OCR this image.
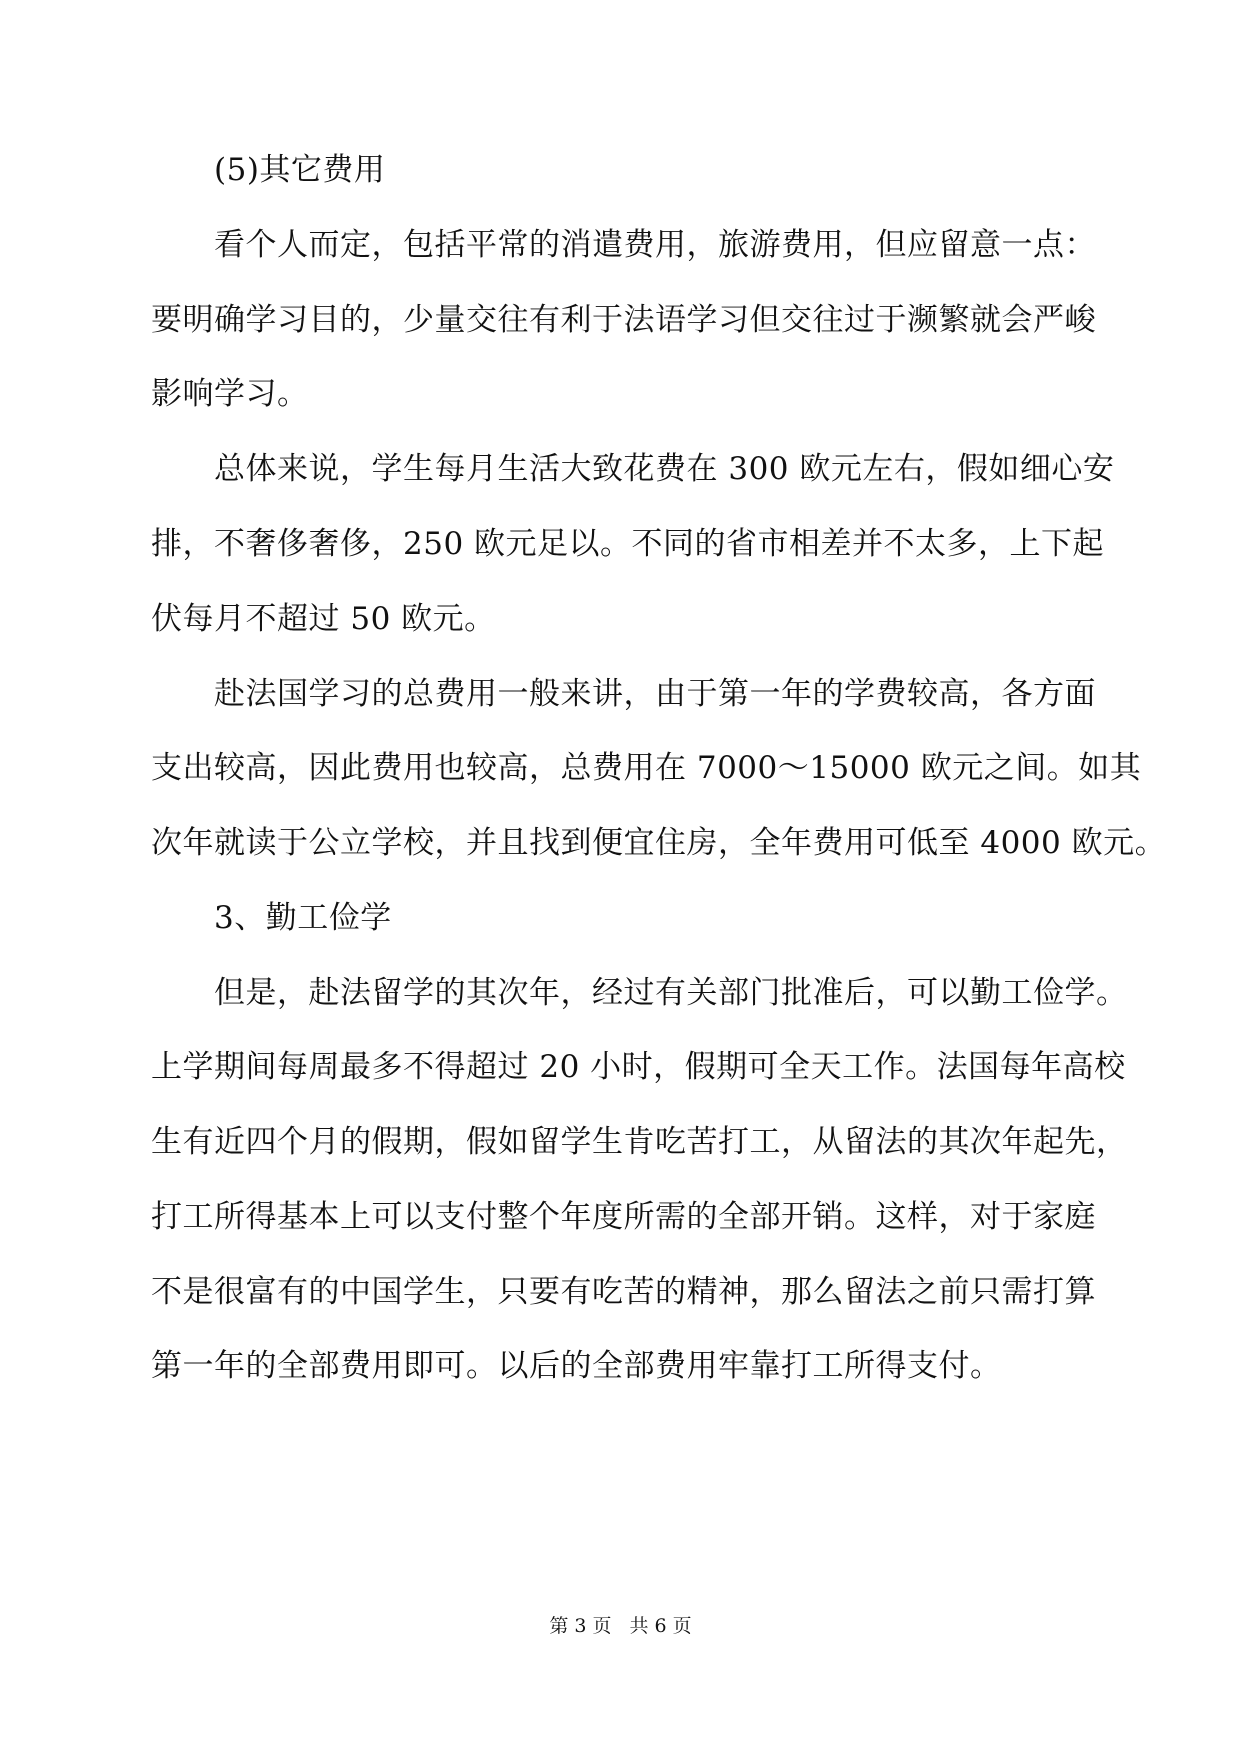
(5)其它费用
看个人而定，包括平常的消遣费用，旅游费用，但应留意一点：
要明确学习目的，少量交往有利于法语学习但交往过于濒繁就会严峻
影响学习。
总体来说，学生每月生活大致花费在 300 欧元左右，假如细心安
排，不奢侈奢侈，250 欧元足以。不同的省市相差并不太多，上下起
伏每月不超过 50 欧元。
赴法国学习的总费用一般来讲，由于第一年的学费较高，各方面
支出较高，因此费用也较高，总费用在 7000～15000 欧元之间。如其
次年就读于公立学校，并且找到便宜住房，全年费用可低至 4000 欧元。
3、勤工俭学
但是，赴法留学的其次年，经过有关部门批准后，可以勤工俭学。
上学期间每周最多不得超过 20 小时，假期可全天工作。法国每年高校
生有近四个月的假期，假如留学生肯吃苦打工，从留法的其次年起先，
打工所得基本上可以支付整个年度所需的全部开销。这样，对于家庭
不是很富有的中国学生，只要有吃苦的精神，那么留法之前只需打算
第一年的全部费用即可。以后的全部费用牢靠打工所得支付。
第 3 页 共 6 页
